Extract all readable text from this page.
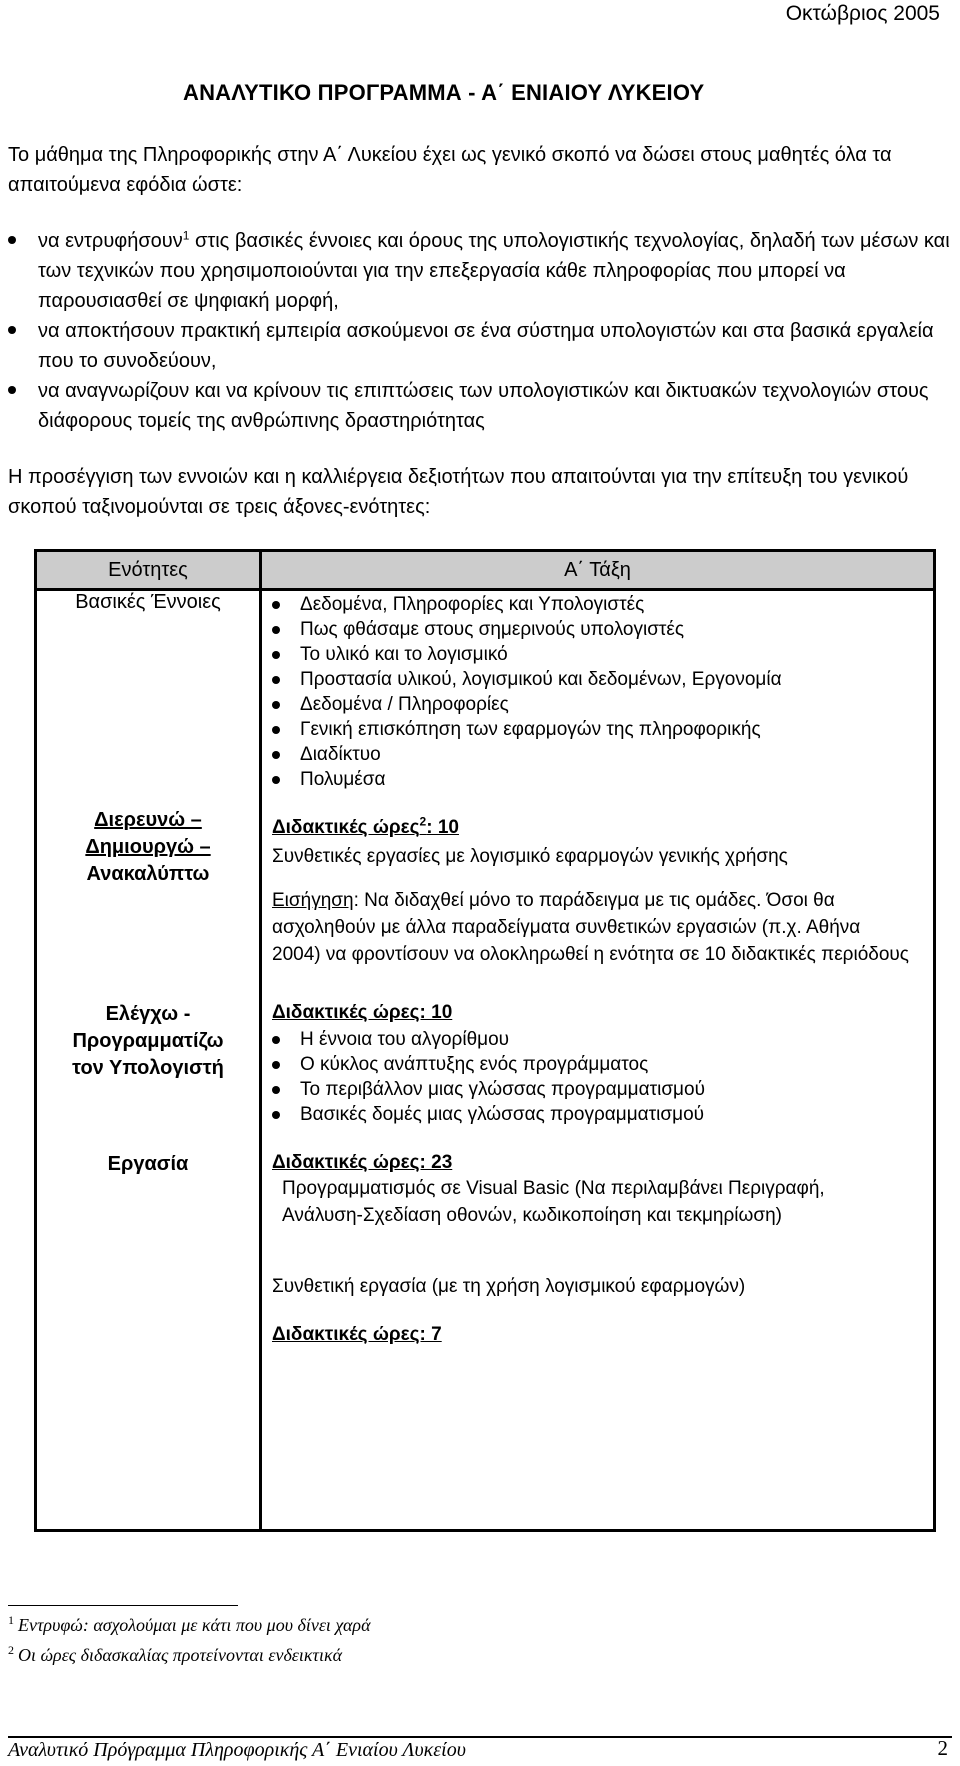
Οκτώβριος 2005
ΑΝΑΛΥΤΙΚΟ ΠΡΟΓΡΑΜΜΑ - Α΄ ΕΝΙΑΙΟΥ ΛΥΚΕΙΟΥ

Το μάθημα της Πληροφορικής στην Α΄ Λυκείου έχει ως γενικό σκοπό να δώσει στους μαθητές όλα τα απαιτούμενα εφόδια ώστε:

να εντρυφήσουν$^1$ στις βασικές έννοιες και όρους της υπολογιστικής τεχνολογίας, δηλαδή των μέσων και των τεχνικών που χρησιμοποιούνται για την επεξεργασία κάθε πληροφορίας που μπορεί να παρουσιασθεί σε ψηφιακή μορφή,
να αποκτήσουν πρακτική εμπειρία ασκούμενοι σε ένα σύστημα υπολογιστών και στα βασικά εργαλεία που το συνοδεύουν,
να αναγνωρίζουν και να κρίνουν τις επιπτώσεις των υπολογιστικών και δικτυακών τεχνολογιών στους διάφορους τομείς της ανθρώπινης δραστηριότητας

Η προσέγγιση των εννοιών και η καλλιέργεια δεξιοτήτων που απαιτούνται για την επίτευξη του γενικού σκοπού ταξινομούνται σε τρεις άξονες-ενότητες:

Ενότητες	Α΄ Τάξη
Βασικές Έννοιες
Διερευνώ –
Δημιουργώ –
Ανακαλύπτω
Ελέγχω -
Προγραμματίζω
τον Υπολογιστή
Εργασία
Δεδομένα, Πληροφορίες και Υπολογιστές
Πως φθάσαμε στους σημερινούς υπολογιστές
Το υλικό και το λογισμικό
Προστασία υλικού, λογισμικού και δεδομένων, Εργονομία
Δεδομένα / Πληροφορίες
Γενική επισκόπηση των εφαρμογών της πληροφορικής
Διαδίκτυο
Πολυμέσα
Διδακτικές ώρες$^2$: 10
Συνθετικές εργασίες με λογισμικό εφαρμογών γενικής χρήσης
Εισήγηση: Να διδαχθεί μόνο το παράδειγμα με τις ομάδες. Όσοι θα ασχοληθούν με άλλα παραδείγματα συνθετικών εργασιών (π.χ. Αθήνα 2004) να φροντίσουν να ολοκληρωθεί η ενότητα σε 10 διδακτικές περιόδους
Διδακτικές ώρες: 10
Η έννοια του αλγορίθμου
Ο κύκλος ανάπτυξης ενός προγράμματος
Το περιβάλλον μιας γλώσσας προγραμματισμού
Βασικές δομές μιας γλώσσας προγραμματισμού
Διδακτικές ώρες: 23
Προγραμματισμός σε Visual Basic (Να περιλαμβάνει Περιγραφή, Ανάλυση-Σχεδίαση οθονών, κωδικοποίηση και τεκμηρίωση)
Συνθετική εργασία (με τη χρήση λογισμικού εφαρμογών)
Διδακτικές ώρες: 7
$^1$ Εντρυφώ: ασχολούμαι με κάτι που μου δίνει χαρά
$^2$ Οι ώρες διδασκαλίας προτείνονται ενδεικτικά
Αναλυτικό Πρόγραμμα Πληροφορικής Α΄ Ενιαίου Λυκείου	2
